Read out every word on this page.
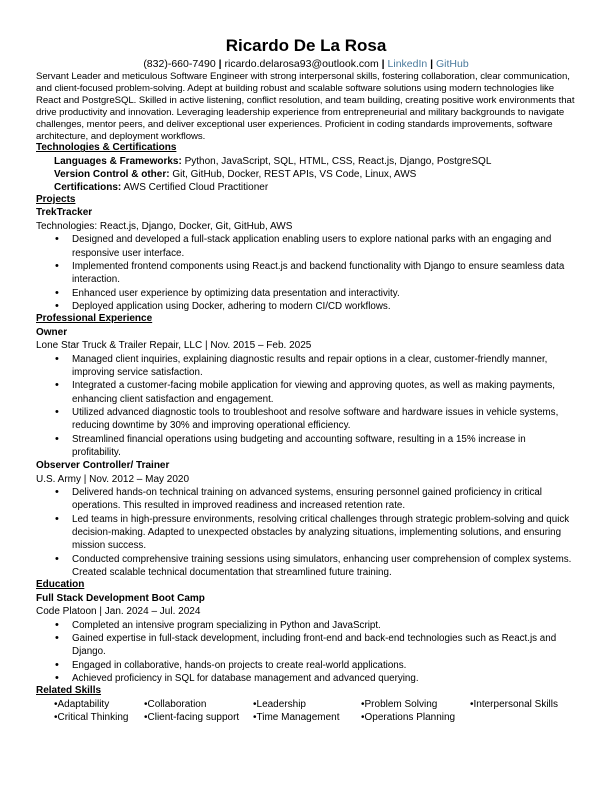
Ricardo De La Rosa
(832)-660-7490 | ricardo.delarosa93@outlook.com | LinkedIn | GitHub
Servant Leader and meticulous Software Engineer with strong interpersonal skills, fostering collaboration, clear communication, and client-focused problem-solving. Adept at building robust and scalable software solutions using modern technologies like React and PostgreSQL. Skilled in active listening, conflict resolution, and team building, creating positive work environments that drive productivity and innovation. Leveraging leadership experience from entrepreneurial and military backgrounds to navigate challenges, mentor peers, and deliver exceptional user experiences. Proficient in coding standards improvements, software architecture, and deployment workflows.
Technologies & Certifications
Languages & Frameworks: Python, JavaScript, SQL, HTML, CSS, React.js, Django, PostgreSQL
Version Control & other: Git, GitHub, Docker, REST APIs, VS Code, Linux, AWS
Certifications: AWS Certified Cloud Practitioner
Projects
TrekTracker
Technologies: React.js, Django, Docker, Git, GitHub, AWS
• Designed and developed a full-stack application enabling users to explore national parks with an engaging and responsive user interface.
• Implemented frontend components using React.js and backend functionality with Django to ensure seamless data interaction.
• Enhanced user experience by optimizing data presentation and interactivity.
• Deployed application using Docker, adhering to modern CI/CD workflows.
Professional Experience
Owner
Lone Star Truck & Trailer Repair, LLC | Nov. 2015 – Feb. 2025
• Managed client inquiries, explaining diagnostic results and repair options in a clear, customer-friendly manner, improving service satisfaction.
• Integrated a customer-facing mobile application for viewing and approving quotes, as well as making payments, enhancing client satisfaction and engagement.
• Utilized advanced diagnostic tools to troubleshoot and resolve software and hardware issues in vehicle systems, reducing downtime by 30% and improving operational efficiency.
• Streamlined financial operations using budgeting and accounting software, resulting in a 15% increase in profitability.
Observer Controller/ Trainer
U.S. Army | Nov. 2012 – May 2020
• Delivered hands-on technical training on advanced systems, ensuring personnel gained proficiency in critical operations. This resulted in improved readiness and increased retention rate.
• Led teams in high-pressure environments, resolving critical challenges through strategic problem-solving and quick decision-making. Adapted to unexpected obstacles by analyzing situations, implementing solutions, and ensuring mission success.
• Conducted comprehensive training sessions using simulators, enhancing user comprehension of complex systems. Created scalable technical documentation that streamlined future training.
Education
Full Stack Development Boot Camp
Code Platoon | Jan. 2024 – Jul. 2024
• Completed an intensive program specializing in Python and JavaScript.
• Gained expertise in full-stack development, including front-end and back-end technologies such as React.js and Django.
• Engaged in collaborative, hands-on projects to create real-world applications.
• Achieved proficiency in SQL for database management and advanced querying.
Related Skills
•Adaptability	•Collaboration	•Leadership	•Problem Solving	•Interpersonal Skills
•Critical Thinking	•Client-facing support	•Time Management	•Operations Planning
